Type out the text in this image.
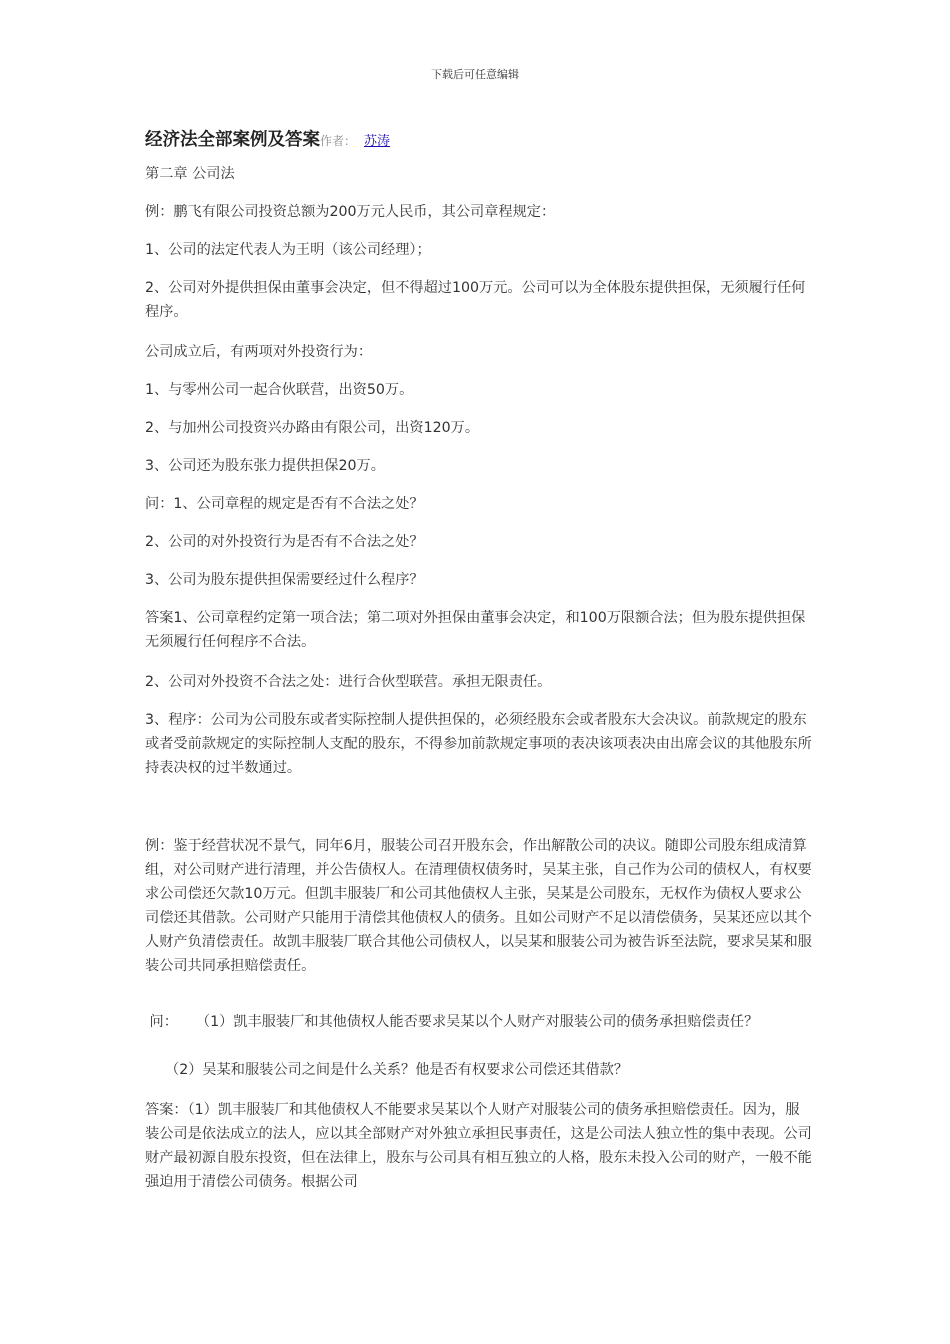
下载后可任意编辑
经济法全部案例及答案作者： 苏涛
第二章 公司法
例：鹏飞有限公司投资总额为200万元人民币，其公司章程规定：
1、公司的法定代表人为王明（该公司经理）；
2、公司对外提供担保由董事会决定，但不得超过100万元。公司可以为全体股东提供担保，无须履行任何程序。
公司成立后，有两项对外投资行为：
1、与零州公司一起合伙联营，出资50万。
2、与加州公司投资兴办路由有限公司，出资120万。
3、公司还为股东张力提供担保20万。
问：1、公司章程的规定是否有不合法之处？
2、公司的对外投资行为是否有不合法之处？
3、公司为股东提供担保需要经过什么程序？
答案1、公司章程约定第一项合法；第二项对外担保由董事会决定，和100万限额合法；但为股东提供担保无须履行任何程序不合法。
2、公司对外投资不合法之处：进行合伙型联营。承担无限责任。
3、程序：公司为公司股东或者实际控制人提供担保的，必须经股东会或者股东大会决议。前款规定的股东或者受前款规定的实际控制人支配的股东，不得参加前款规定事项的表决该项表决由出席会议的其他股东所持表决权的过半数通过。
例：鉴于经营状况不景气，同年6月，服装公司召开股东会，作出解散公司的决议。随即公司股东组成清算组，对公司财产进行清理，并公告债权人。在清理债权债务时，吴某主张，自己作为公司的债权人，有权要求公司偿还欠款10万元。但凯丰服装厂和公司其他债权人主张，吴某是公司股东，无权作为债权人要求公司偿还其借款。公司财产只能用于清偿其他债权人的债务。且如公司财产不足以清偿债务，吴某还应以其个人财产负清偿责任。故凯丰服装厂联合其他公司债权人，以吴某和服装公司为被告诉至法院，要求吴某和服装公司共同承担赔偿责任。
问：    （1）凯丰服装厂和其他债权人能否要求吴某以个人财产对服装公司的债务承担赔偿责任？
（2）吴某和服装公司之间是什么关系？他是否有权要求公司偿还其借款？
答案：（1）凯丰服装厂和其他债权人不能要求吴某以个人财产对服装公司的债务承担赔偿责任。因为，服装公司是依法成立的法人，应以其全部财产对外独立承担民事责任，这是公司法人独立性的集中表现。公司财产最初源自股东投资，但在法律上，股东与公司具有相互独立的人格，股东未投入公司的财产，一般不能强迫用于清偿公司债务。根据公司
